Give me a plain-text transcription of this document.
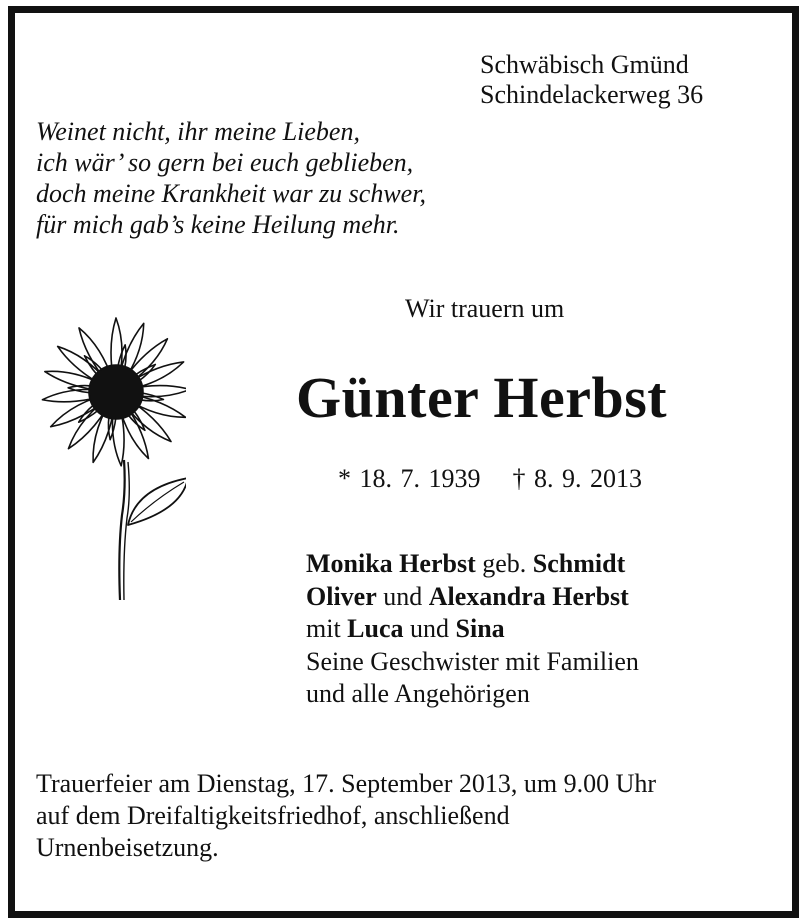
Schwäbisch Gmünd
Schindelackerweg 36
Weinet nicht, ihr meine Lieben,
ich wär’ so gern bei euch geblieben,
doch meine Krankheit war zu schwer,
für mich gab’s keine Heilung mehr.
Wir trauern um
Günter Herbst
* 18. 7. 1939 † 8. 9. 2013
Monika Herbst geb. Schmidt
Oliver und Alexandra Herbst
mit Luca und Sina
Seine Geschwister mit Familien
und alle Angehörigen
Trauerfeier am Dienstag, 17. September 2013, um 9.00 Uhr
auf dem Dreifaltigkeitsfriedhof, anschließend
Urnenbeisetzung.
